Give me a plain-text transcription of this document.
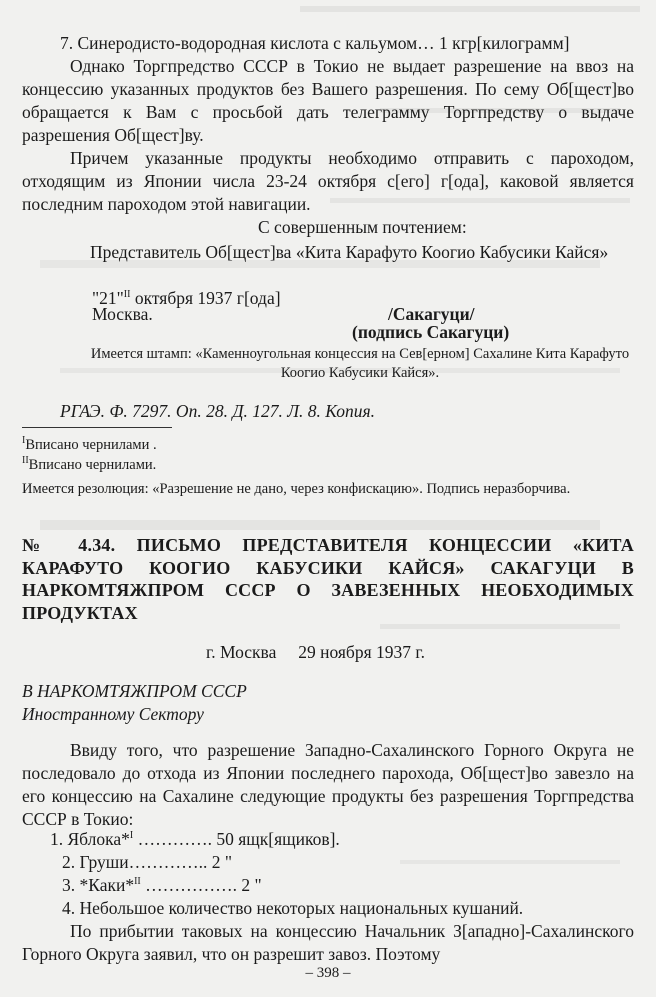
7. Синеродисто-водородная кислота с кальумом… 1 кгр[килограмм]
Однако Торгпредство СССР в Токио не выдает разрешение на ввоз на концессию указанных продуктов без Вашего разрешения. По сему Об[щест]во обращается к Вам с просьбой дать телеграмму Торгпредству о выдаче разрешения Об[щест]ву.
Причем указанные продукты необходимо отправить с пароходом, отходящим из Японии числа 23-24 октября с[его] г[ода], каковой является последним пароходом этой навигации.
С совершенным почтением:
Представитель Об[щест]ва «Кита Карафуто Коогио Кабусики Кайся»
"21"$^{II}$ октября 1937 г[ода]
Москва.	/Сакагуци/
(подпись Сакагуци)
Имеется штамп: «Каменноугольная концессия на Сев[ерном] Сахалине Кита Карафуто Коогио Кабусики Кайся».
РГАЭ. Ф. 7297. Оп. 28. Д. 127. Л. 8. Копия.
$^I$Вписано чернилами .
$^{II}$Вписано чернилами.
Имеется резолюция: «Разрешение не дано, через конфискацию». Подпись неразборчива.
№ 4.34. ПИСЬМО ПРЕДСТАВИТЕЛЯ КОНЦЕССИИ «КИТА КАРАФУТО КООГИО КАБУСИКИ КАЙСЯ» САКАГУЦИ В НАРКОМТЯЖПРОМ СССР О ЗАВЕЗЕННЫХ НЕОБХОДИМЫХ ПРОДУКТАХ
г. Москва     29 ноября 1937 г.
В НАРКОМТЯЖПРОМ СССР
Иностранному Сектору
Ввиду того, что разрешение Западно-Сахалинского Горного Округа не последовало до отхода из Японии последнего парохода, Об[щест]во завезло на его концессию на Сахалине следующие продукты без разрешения Торгпредства СССР в Токио:
1. Яблока*$^I$ …………. 50 ящк[ящиков].
2. Груши………….. 2 "
3. *Каки*$^{II}$ ……………. 2 "
4. Небольшое количество некоторых национальных кушаний.
По прибытии таковых на концессию Начальник З[ападно]-Сахалинского Горного Округа заявил, что он разрешит завоз. Поэтому
– 398 –
